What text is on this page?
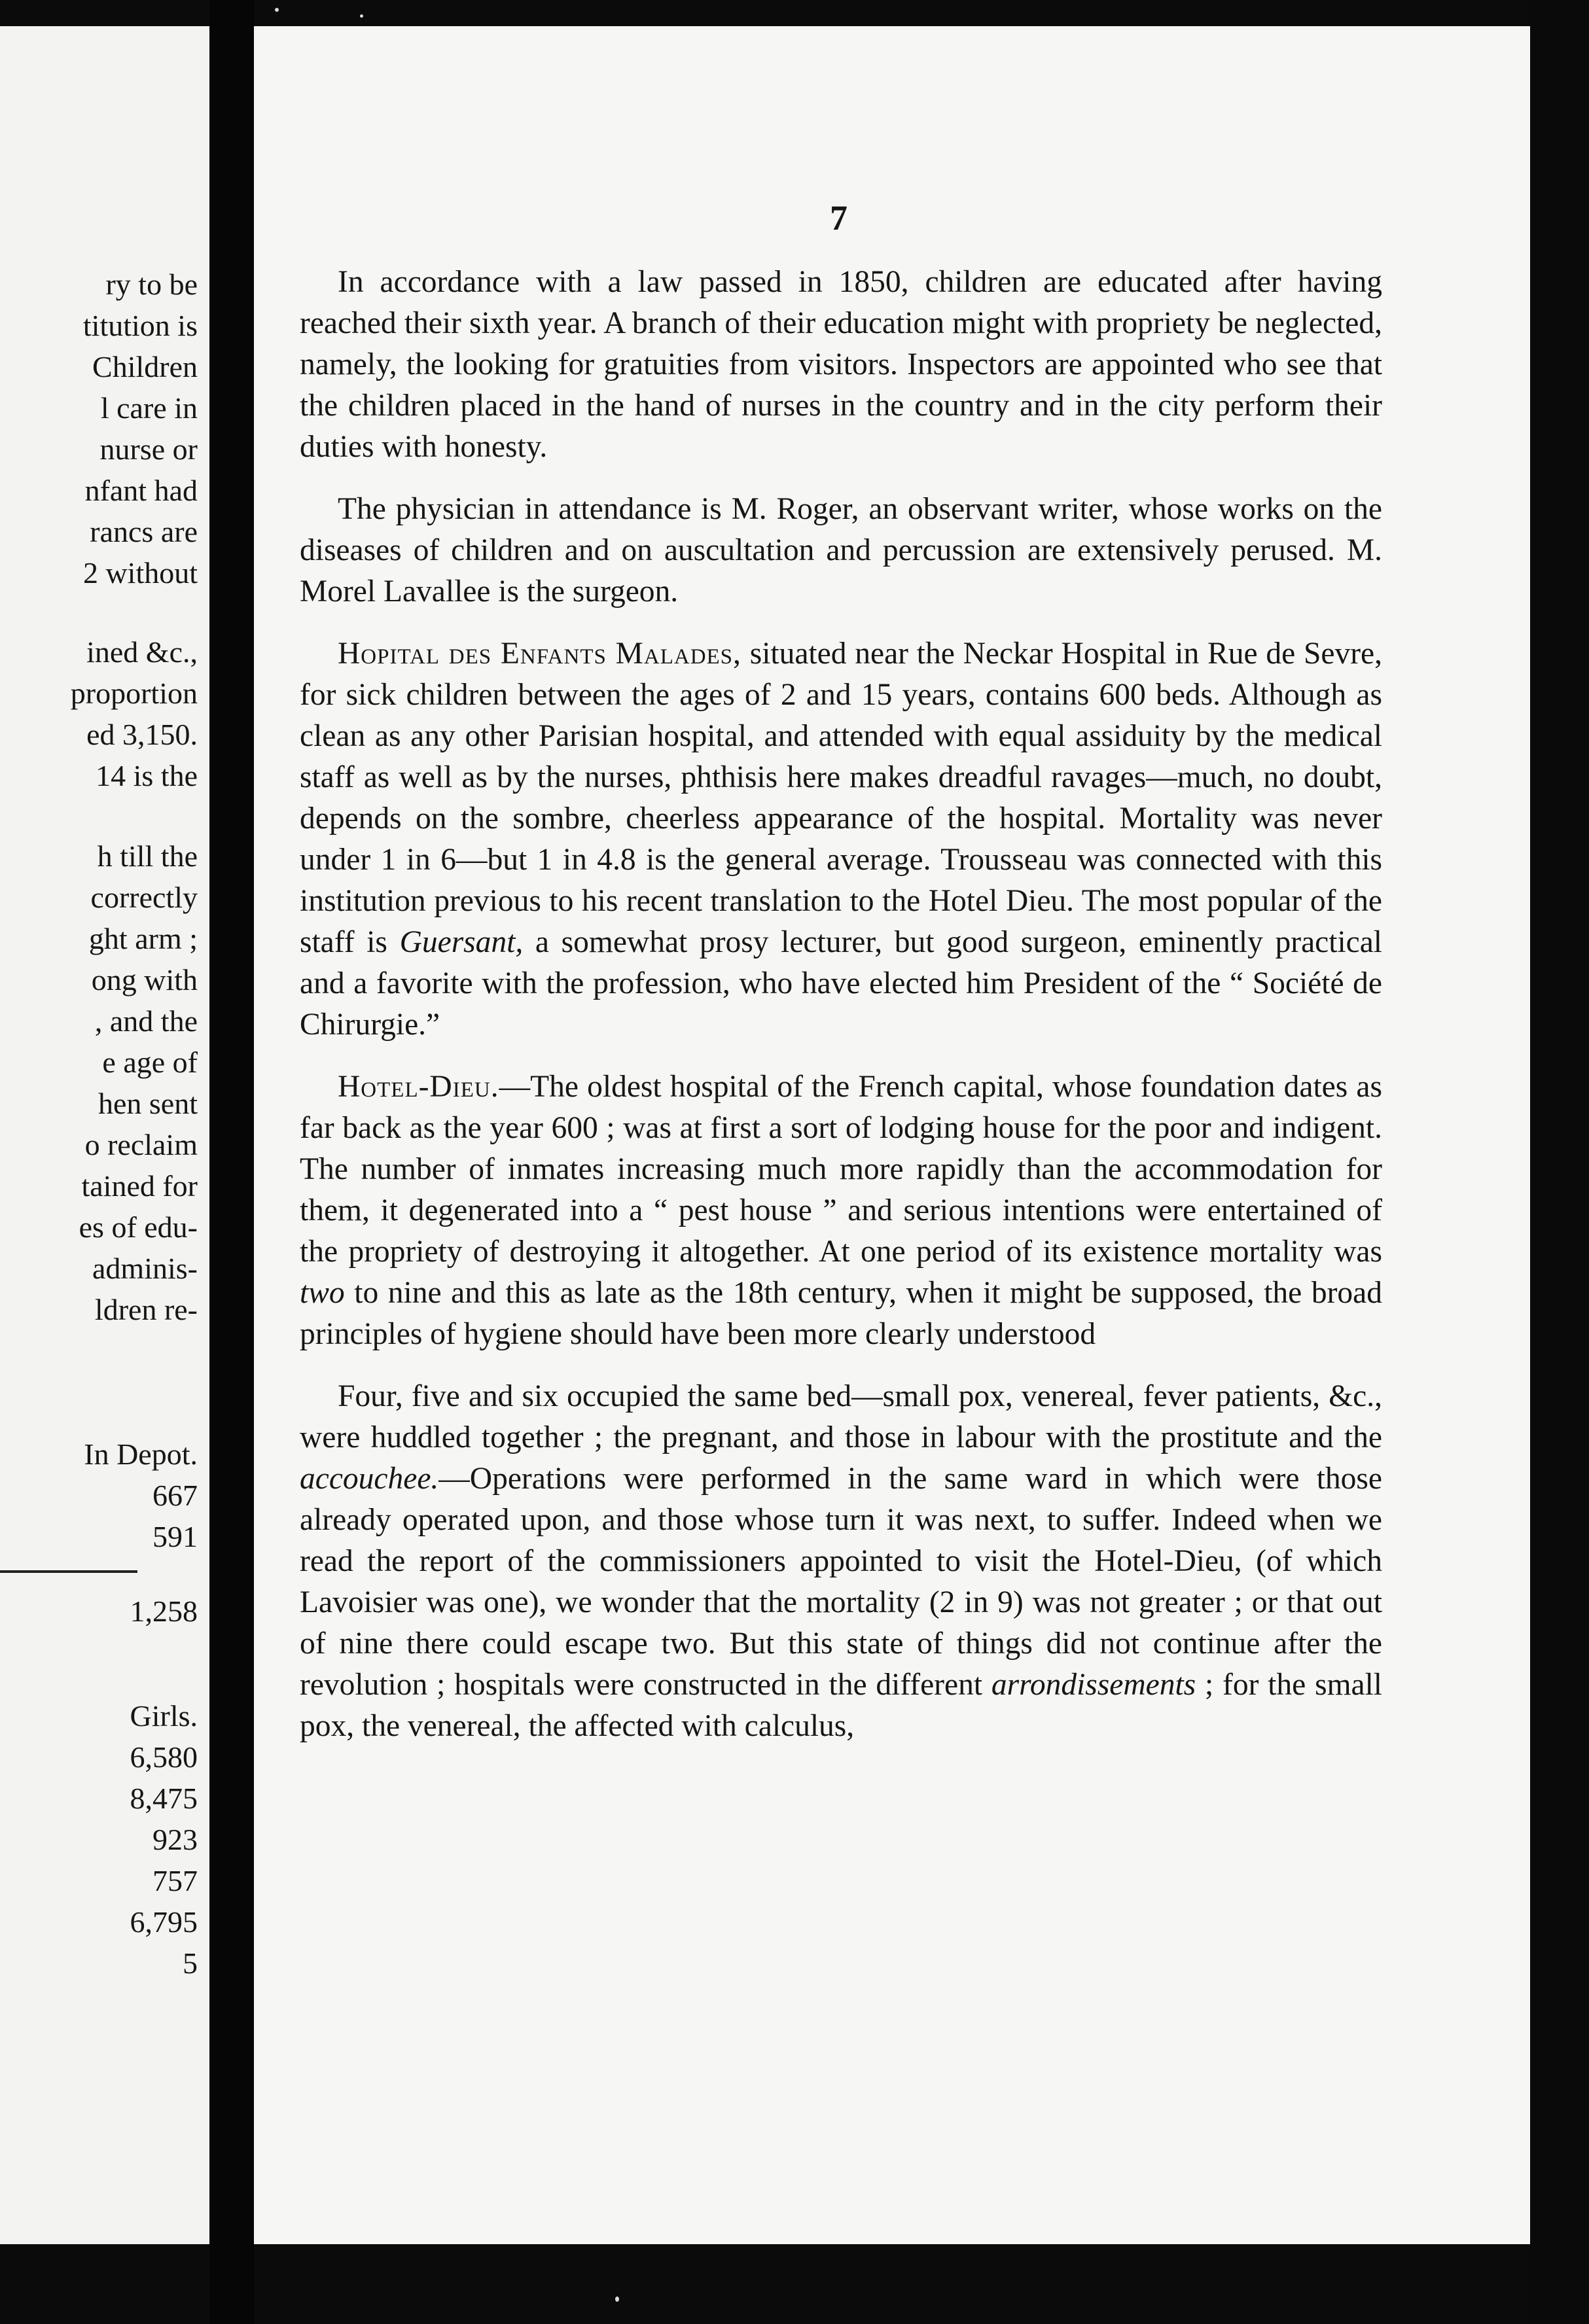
ry to be

titution is

Children

l care in

nurse or

nfant had

rancs are

2 without

ined &c.,

proportion

ed 3,150.

14 is the

h till the

correctly

ght arm ;

ong with

, and the

e age of

hen sent

o reclaim

tained for

es of edu-

adminis-

ldren re-

In Depot.

667

591

1,258

Girls.

6,580

8,475

923

757

6,795

5

7

In accordance with a law passed in 1850, children are educated after having reached their sixth year. A branch of their education might with propriety be neglected, namely, the looking for gratuities from visitors. Inspectors are appointed who see that the children placed in the hand of nurses in the country and in the city perform their duties with honesty.

The physician in attendance is M. Roger, an observant writer, whose works on the diseases of children and on auscultation and percussion are extensively perused. M. Morel Lavallee is the surgeon.

Hopital des Enfants Malades, situated near the Neckar Hospital in Rue de Sevre, for sick children between the ages of 2 and 15 years, contains 600 beds. Although as clean as any other Parisian hospital, and attended with equal assiduity by the medical staff as well as by the nurses, phthisis here makes dreadful ravages—much, no doubt, depends on the sombre, cheerless appearance of the hospital. Mortality was never under 1 in 6—but 1 in 4.8 is the general average. Trousseau was connected with this institution previous to his recent translation to the Hotel Dieu. The most popular of the staff is Guersant, a somewhat prosy lecturer, but good surgeon, eminently practical and a favorite with the profession, who have elected him President of the “ Société de Chirurgie.”

Hotel-Dieu.—The oldest hospital of the French capital, whose foundation dates as far back as the year 600 ; was at first a sort of lodging house for the poor and indigent. The number of inmates increasing much more rapidly than the accommodation for them, it degenerated into a “ pest house ” and serious intentions were entertained of the propriety of destroying it altogether. At one period of its existence mortality was two to nine and this as late as the 18th century, when it might be supposed, the broad principles of hygiene should have been more clearly understood

Four, five and six occupied the same bed—small pox, venereal, fever patients, &c., were huddled together ; the pregnant, and those in labour with the prostitute and the accouchee.—Operations were performed in the same ward in which were those already operated upon, and those whose turn it was next, to suffer. Indeed when we read the report of the commissioners appointed to visit the Hotel-Dieu, (of which Lavoisier was one), we wonder that the mortality (2 in 9) was not greater ; or that out of nine there could escape two. But this state of things did not continue after the revolution ; hospitals were constructed in the different arrondissements ; for the small pox, the venereal, the affected with calculus,
